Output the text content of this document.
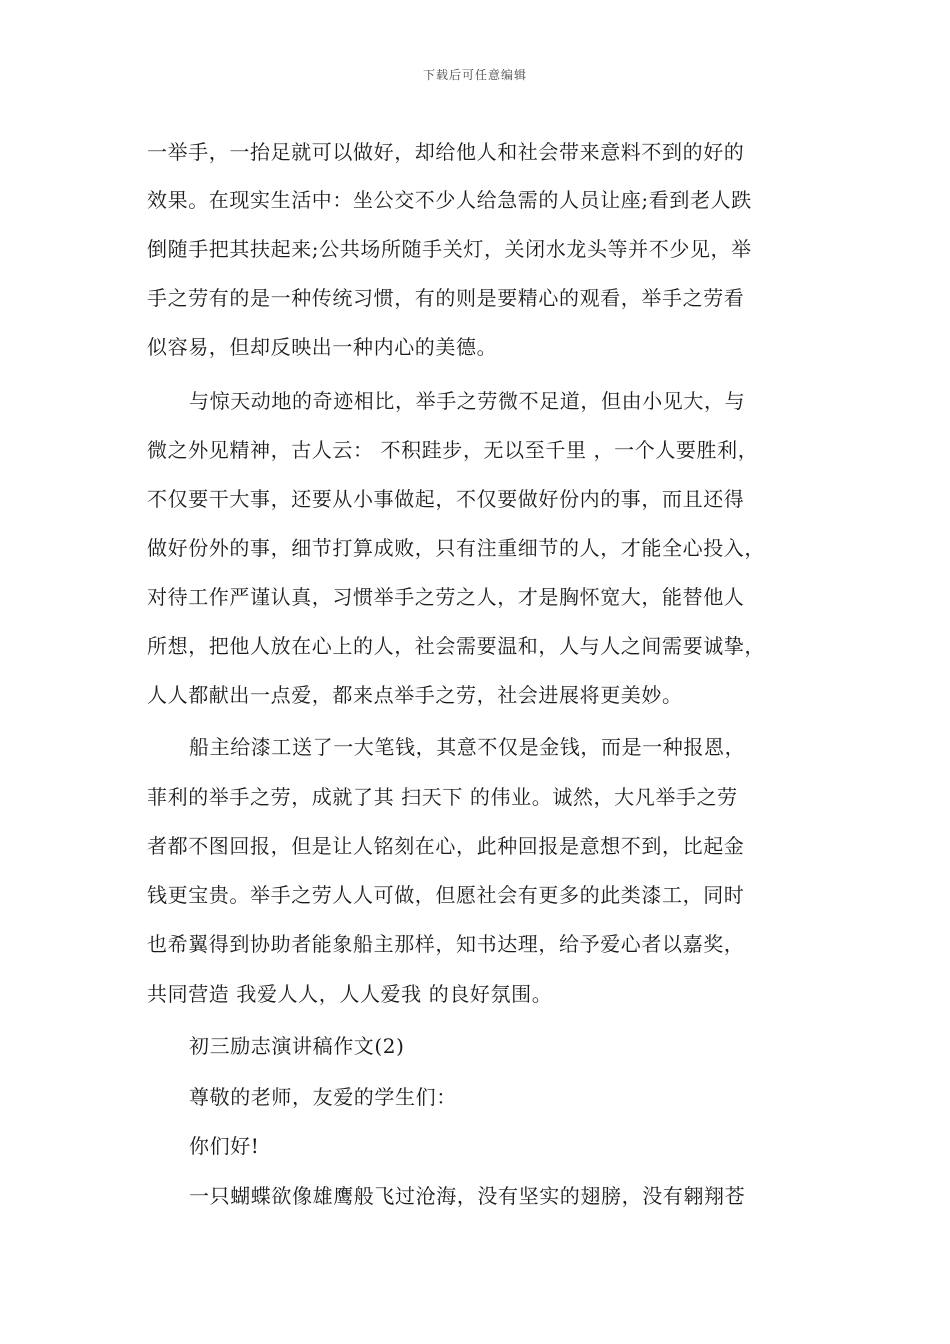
下载后可任意编辑
一举手，一抬足就可以做好，却给他人和社会带来意料不到的好的
效果。在现实生活中：坐公交不少人给急需的人员让座;看到老人跌
倒随手把其扶起来;公共场所随手关灯，关闭水龙头等并不少见，举
手之劳有的是一种传统习惯，有的则是要精心的观看，举手之劳看
似容易，但却反映出一种内心的美德。
与惊天动地的奇迹相比，举手之劳微不足道，但由小见大，与
微之外见精神，古人云： 不积跬步，无以至千里 ，一个人要胜利，
不仅要干大事，还要从小事做起，不仅要做好份内的事，而且还得
做好份外的事，细节打算成败，只有注重细节的人，才能全心投入，
对待工作严谨认真，习惯举手之劳之人，才是胸怀宽大，能替他人
所想，把他人放在心上的人，社会需要温和，人与人之间需要诚挚，
人人都献出一点爱，都来点举手之劳，社会进展将更美妙。
船主给漆工送了一大笔钱，其意不仅是金钱，而是一种报恩，
菲利的举手之劳，成就了其 扫天下 的伟业。诚然，大凡举手之劳
者都不图回报，但是让人铭刻在心，此种回报是意想不到，比起金
钱更宝贵。举手之劳人人可做，但愿社会有更多的此类漆工，同时
也希翼得到协助者能象船主那样，知书达理，给予爱心者以嘉奖，
共同营造 我爱人人，人人爱我 的良好氛围。
初三励志演讲稿作文(2)
尊敬的老师，友爱的学生们：
你们好!
一只蝴蝶欲像雄鹰般飞过沧海，没有坚实的翅膀，没有翱翔苍
